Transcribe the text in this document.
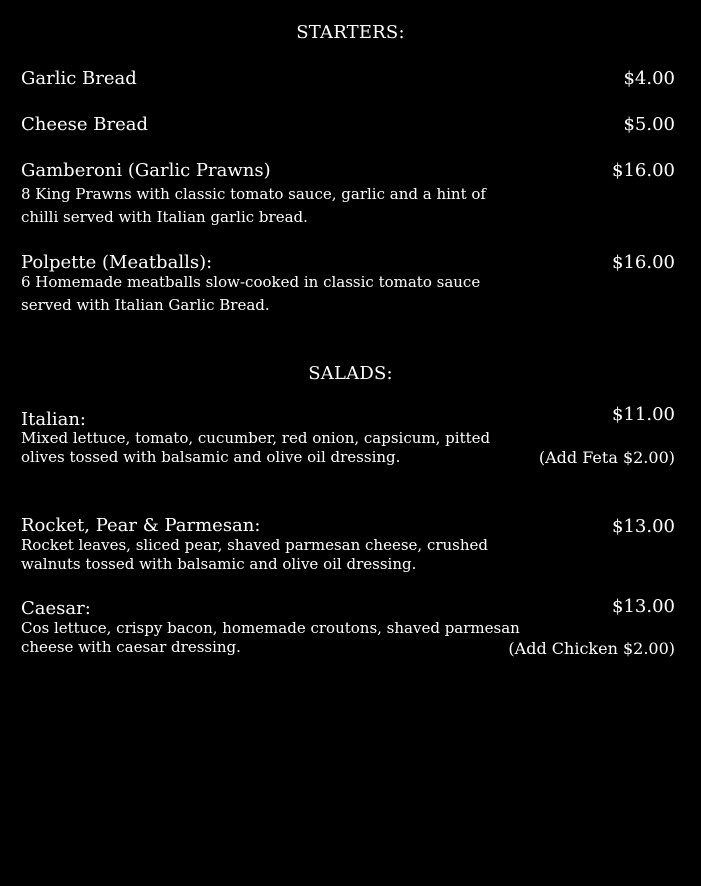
STARTERS:
Garlic Bread	$4.00
Cheese Bread	$5.00
Gamberoni (Garlic Prawns)	$16.00
8 King Prawns with classic tomato sauce, garlic and a hint of
chilli served with Italian garlic bread.
Polpette (Meatballs):	$16.00
6 Homemade meatballs slow-cooked in classic tomato sauce
served with Italian Garlic Bread.
SALADS:
Italian:	$11.00
Mixed lettuce, tomato, cucumber, red onion, capsicum, pitted
olives tossed with balsamic and olive oil dressing.	(Add Feta $2.00)
Rocket, Pear & Parmesan:	$13.00
Rocket leaves, sliced pear, shaved parmesan cheese, crushed
walnuts tossed with balsamic and olive oil dressing.
Caesar:	$13.00
Cos lettuce, crispy bacon, homemade croutons, shaved parmesan
cheese with caesar dressing.	(Add Chicken $2.00)
